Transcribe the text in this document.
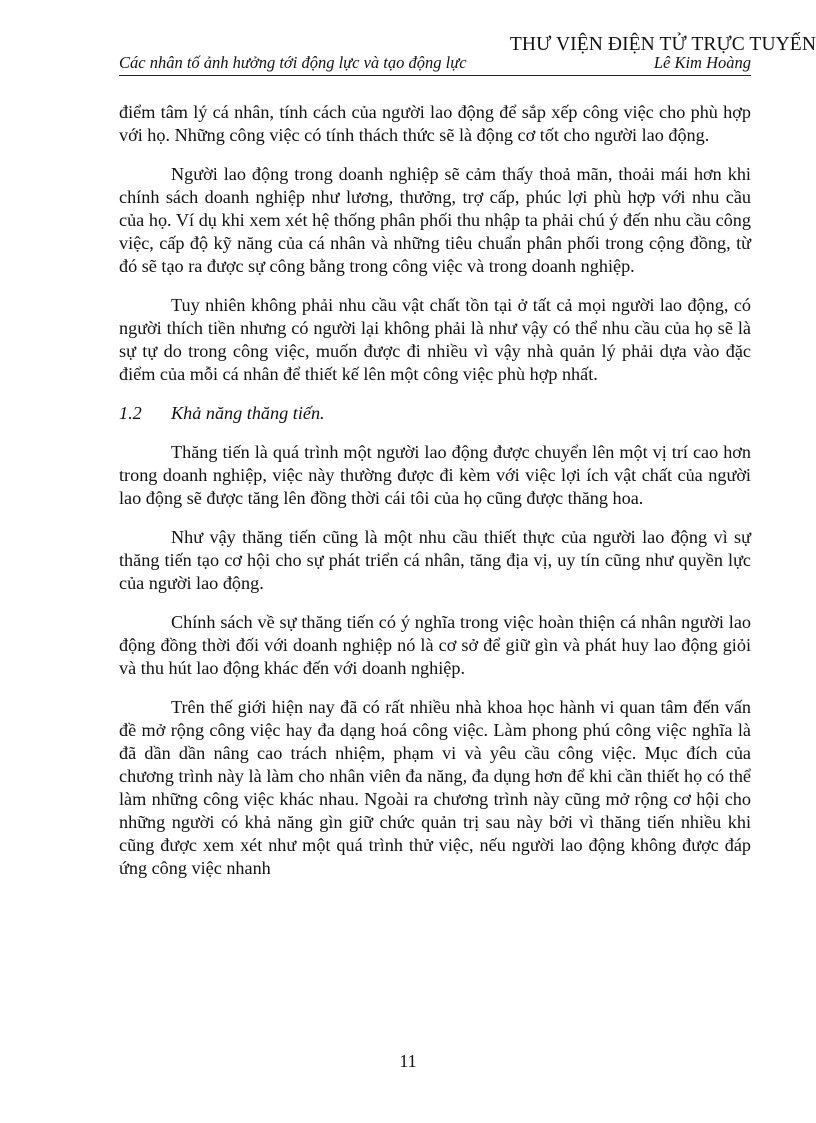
THƯ VIỆN ĐIỆN TỬ TRỰC TUYẾN
Các nhân tố ảnh hưởng tới động lực và tạo động lực	Lê Kim Hoàng

điểm tâm lý cá nhân, tính cách của người lao động để sắp xếp công việc cho phù hợp với họ. Những công việc có tính thách thức sẽ là động cơ tốt cho người lao động.

Người lao động trong doanh nghiệp sẽ cảm thấy thoả mãn, thoải mái hơn khi chính sách doanh nghiệp như lương, thưởng, trợ cấp, phúc lợi phù hợp với nhu cầu của họ. Ví dụ khi xem xét hệ thống phân phối thu nhập ta phải chú ý đến nhu cầu công việc, cấp độ kỹ năng của cá nhân và những tiêu chuẩn phân phối trong cộng đồng, từ đó sẽ tạo ra được sự công bằng trong công việc và trong doanh nghiệp.

Tuy nhiên không phải nhu cầu vật chất tồn tại ở tất cả mọi người lao động, có người thích tiền nhưng có người lại không phải là như vậy có thể nhu cầu của họ sẽ là sự tự do trong công việc, muốn được đi nhiều vì vậy nhà quản lý phải dựa vào đặc điểm của mỗi cá nhân để thiết kế lên một công việc phù hợp nhất.

1.2 Khả năng thăng tiến.

Thăng tiến là quá trình một người lao động được chuyển lên một vị trí cao hơn trong doanh nghiệp, việc này thường được đi kèm với việc lợi ích vật chất của người lao động sẽ được tăng lên đồng thời cái tôi của họ cũng được thăng hoa.

Như vậy thăng tiến cũng là một nhu cầu thiết thực của người lao động vì sự thăng tiến tạo cơ hội cho sự phát triển cá nhân, tăng địa vị, uy tín cũng như quyền lực của người lao động.

Chính sách về sự thăng tiến có ý nghĩa trong việc hoàn thiện cá nhân người lao động đồng thời đối với doanh nghiệp nó là cơ sở để giữ gìn và phát huy lao động giỏi và thu hút lao động khác đến với doanh nghiệp.

Trên thế giới hiện nay đã có rất nhiều nhà khoa học hành vi quan tâm đến vấn đề mở rộng công việc hay đa dạng hoá công việc. Làm phong phú công việc nghĩa là đã dần dần nâng cao trách nhiệm, phạm vi và yêu cầu công việc. Mục đích của chương trình này là làm cho nhân viên đa năng, đa dụng hơn để khi cần thiết họ có thể làm những công việc khác nhau. Ngoài ra chương trình này cũng mở rộng cơ hội cho những người có khả năng gìn giữ chức quản trị sau này bởi vì thăng tiến nhiều khi cũng được xem xét như một quá trình thử việc, nếu người lao động không được đáp ứng công việc nhanh

11
